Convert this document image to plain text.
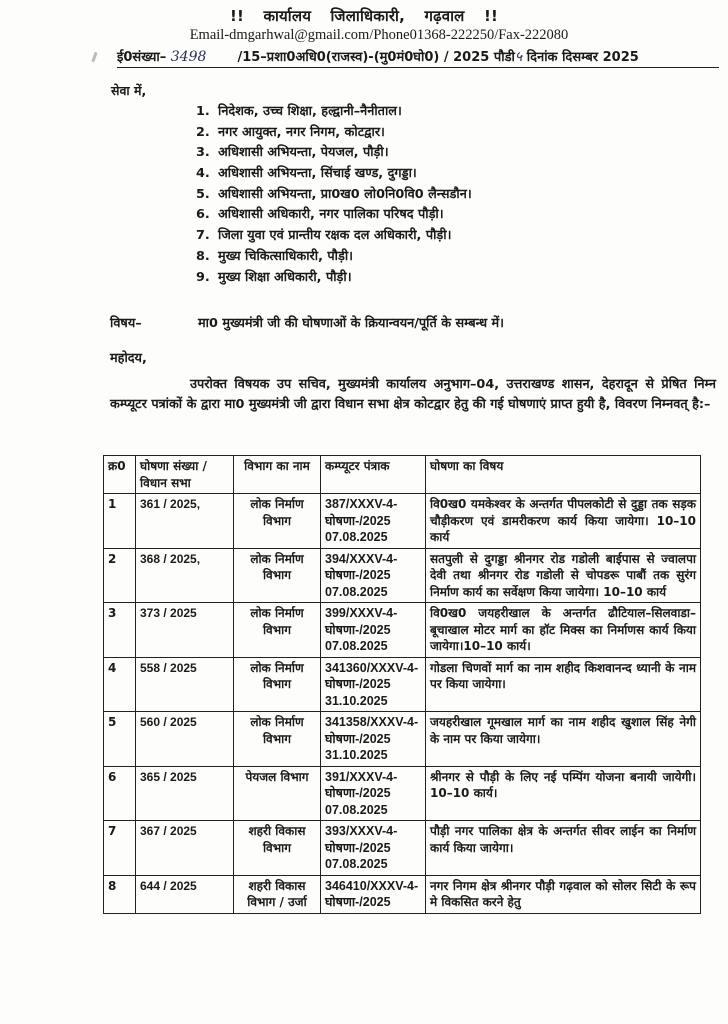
!! कार्यालय जिलाधिकारी, गढ़वाल !!
Email-dmgarhwal@gmail.com/Phone01368-222250/Fax-222080
ई0संख्या– 3498 /15–प्रशा0अधि0(राजस्व)-(मु0मं0घो0) / 2025 पौडी५ दिनांक दिसम्बर 2025
सेवा में,
1. निदेशक, उच्च शिक्षा, हल्द्वानी–नैनीताल।
2. नगर आयुक्त, नगर निगम, कोटद्वार।
3. अधिशासी अभियन्ता, पेयजल, पौड़ी।
4. अधिशासी अभियन्ता, सिंचाई खण्ड, दुगड्डा।
5. अधिशासी अभियन्ता, प्रा0ख0 लो0नि0वि0 लैन्सडौन।
6. अधिशासी अधिकारी, नगर पालिका परिषद पौड़ी।
7. जिला युवा एवं प्रान्तीय रक्षक दल अधिकारी, पौड़ी।
8. मुख्य चिकित्साधिकारी, पौड़ी।
9. मुख्य शिक्षा अधिकारी, पौड़ी।
विषय–	मा0 मुख्यमंत्री जी की घोषणाओं के क्रियान्वयन/पूर्ति के सम्बन्ध में।
महोदय,
उपरोक्त विषयक उप सचिव, मुख्यमंत्री कार्यालय अनुभाग–04, उत्तराखण्ड शासन, देहरादून से प्रेषित निम्न कम्प्यूटर पत्रांकों के द्वारा मा0 मुख्यमंत्री जी द्वारा विधान सभा क्षेत्र कोटद्वार हेतु की गई घोषणाएं प्राप्त हुयी है, विवरण निम्नवत् है:–
क्र0	घोषणा संख्या /विधान सभा	विभाग का नाम	कम्प्यूटर पंत्राक	घोषणा का विषय
1	361 / 2025,	लोक निर्माण विभाग	387/XXXV-4-घोषणा-/2025 07.08.2025	वि0ख0 यमकेश्वर के अन्तर्गत पीपलकोटी से दुड्डा तक सड़क चौड़ीकरण एवं डामरीकरण कार्य किया जायेगा। 10–10 कार्य
2	368 / 2025,	लोक निर्माण विभाग	394/XXXV-4-घोषणा-/2025 07.08.2025	सतपुली से दुगड्डा श्रीनगर रोड गडोली बाईपास से ज्वालपा देवी तथा श्रीनगर रोड गडोली से चोपडरू पाबौं तक सुरंग निर्माण कार्य का सर्वेक्षण किया जायेगा। 10–10 कार्य
3	373 / 2025	लोक निर्माण विभाग	399/XXXV-4-घोषणा-/2025 07.08.2025	वि0ख0 जयहरीखाल के अन्तर्गत ढौटियाल–सिलवाडा–बूचाखाल मोटर मार्ग का हॉट मिक्स का निर्माणस कार्य किया जायेगा।10–10 कार्य।
4	558 / 2025	लोक निर्माण विभाग	341360/XXXV-4-घोषणा-/2025 31.10.2025	गोडला चिणवों मार्ग का नाम शहीद किशवानन्द ध्यानी के नाम पर किया जायेगा।
5	560 / 2025	लोक निर्माण विभाग	341358/XXXV-4-घोषणा-/2025 31.10.2025	जयहरीखाल गूमखाल मार्ग का नाम शहीद खुशाल सिंह नेगी के नाम पर किया जायेगा।
6	365 / 2025	पेयजल विभाग	391/XXXV-4-घोषणा-/2025 07.08.2025	श्रीनगर से पौड़ी के लिए नई पम्पिंग योजना बनायी जायेगी। 10–10 कार्य।
7	367 / 2025	शहरी विकास विभाग	393/XXXV-4-घोषणा-/2025 07.08.2025	पौड़ी नगर पालिका क्षेत्र के अन्तर्गत सीवर लाईन का निर्माण कार्य किया जायेगा।
8	644 / 2025	शहरी विकास विभाग / उर्जा	346410/XXXV-4-घोषणा-/2025	नगर निगम क्षेत्र श्रीनगर पौड़ी गढ़वाल को सोलर सिटी के रूप मे विकसित करने हेतु
